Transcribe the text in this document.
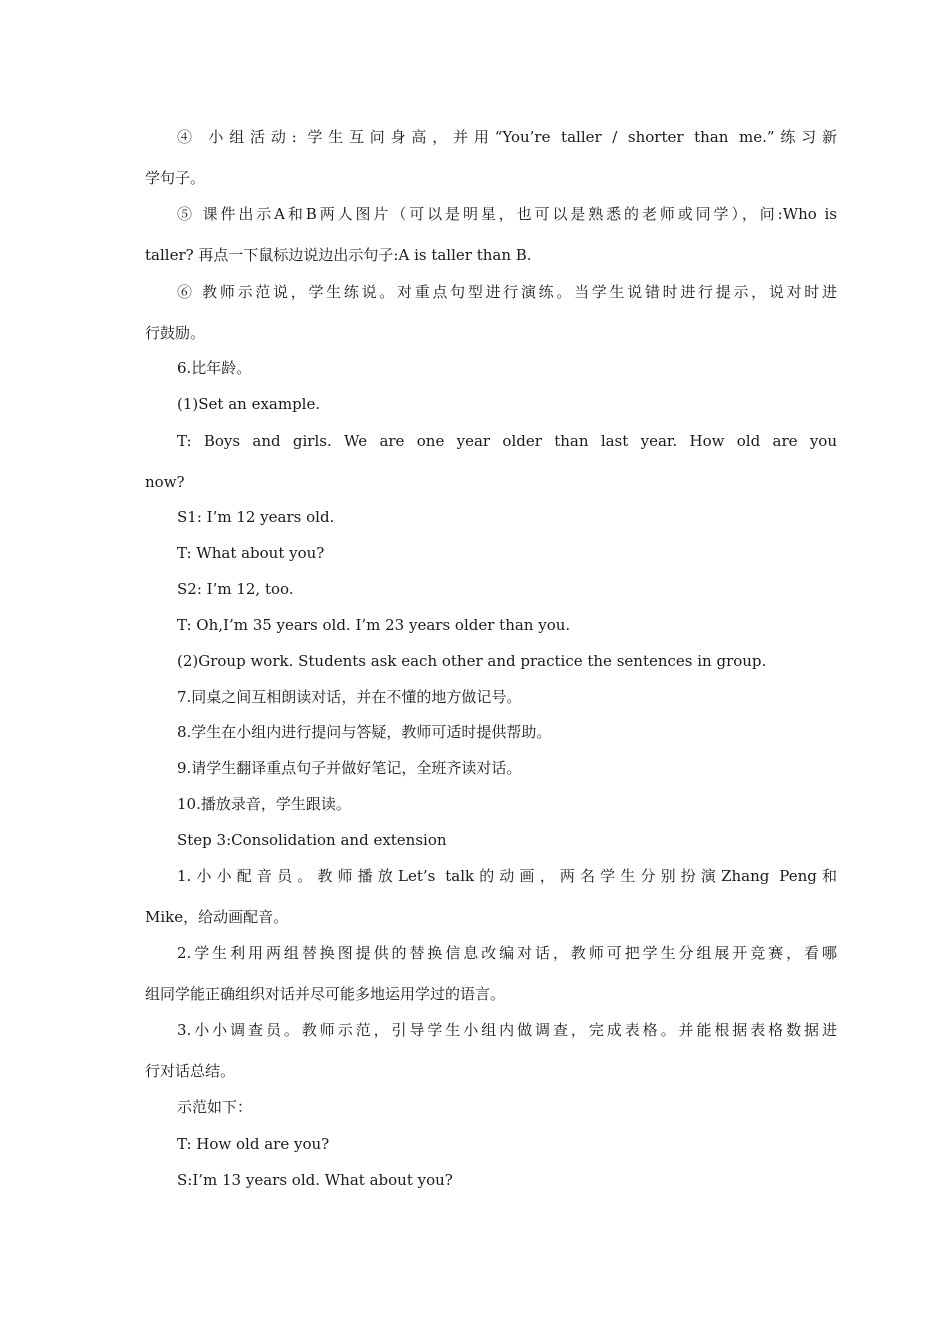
④ 小组活动: 学生互问身高，并用“You’re taller / shorter than me.”练习新
学句子。
⑤ 课件出示A和B两人图片（可以是明星，也可以是熟悉的老师或同学），问:Who is
taller? 再点一下鼠标边说边出示句子:A is taller than B.
⑥ 教师示范说，学生练说。对重点句型进行演练。当学生说错时进行提示，说对时进
行鼓励。
6.比年龄。
(1)Set an example.
T: Boys and girls. We are one year older than last year. How old are you
now?
S1: I’m 12 years old.
T: What about you?
S2: I’m 12, too.
T: Oh,I’m 35 years old. I’m 23 years older than you.
(2)Group work. Students ask each other and practice the sentences in group.
7.同桌之间互相朗读对话，并在不懂的地方做记号。
8.学生在小组内进行提问与答疑，教师可适时提供帮助。
9.请学生翻译重点句子并做好笔记，全班齐读对话。
10.播放录音，学生跟读。
Step 3:Consolidation and extension
1.小小配音员。教师播放Let’s talk的动画，两名学生分别扮演Zhang Peng和
Mike，给动画配音。
2.学生利用两组替换图提供的替换信息改编对话，教师可把学生分组展开竞赛，看哪
组同学能正确组织对话并尽可能多地运用学过的语言。
3.小小调查员。教师示范，引导学生小组内做调查，完成表格。并能根据表格数据进
行对话总结。
示范如下：
T: How old are you?
S:I’m 13 years old. What about you?
